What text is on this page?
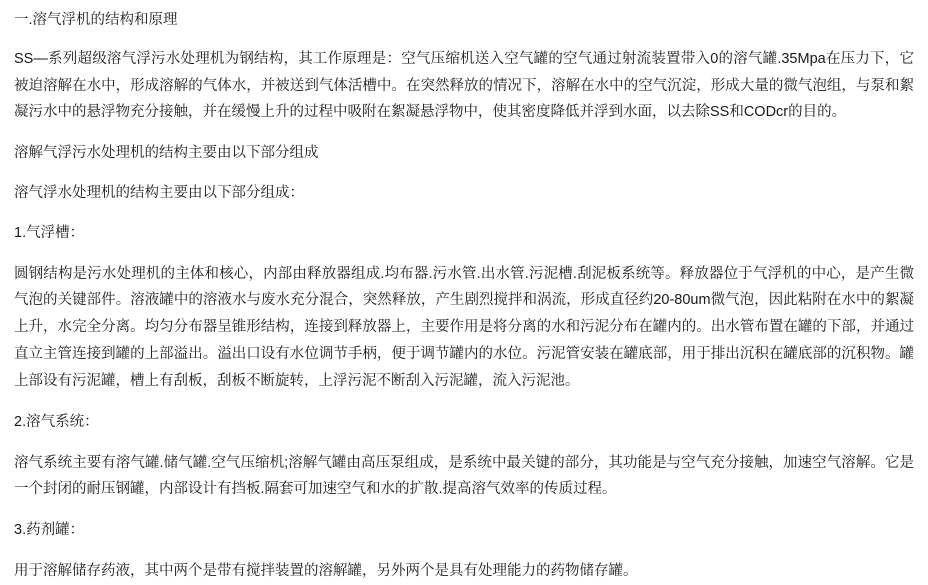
一.溶气浮机的结构和原理

SS—系列超级溶气浮污水处理机为钢结构，其工作原理是：空气压缩机送入空气罐的空气通过射流装置带入0的溶气罐.35Mpa在压力下，它被迫溶解在水中，形成溶解的气体水，并被送到气体活槽中。在突然释放的情况下，溶解在水中的空气沉淀，形成大量的微气泡组，与泵和絮凝污水中的悬浮物充分接触，并在缓慢上升的过程中吸附在絮凝悬浮物中，使其密度降低并浮到水面，以去除SS和CODcr的目的。

溶解气浮污水处理机的结构主要由以下部分组成

溶气浮水处理机的结构主要由以下部分组成：

1.气浮槽：

圆钢结构是污水处理机的主体和核心，内部由释放器组成.均布器.污水管.出水管.污泥槽.刮泥板系统等。释放器位于气浮机的中心，是产生微气泡的关键部件。溶液罐中的溶液水与废水充分混合，突然释放，产生剧烈搅拌和涡流，形成直径约20-80um微气泡，因此粘附在水中的絮凝上升，水完全分离。均匀分布器呈锥形结构，连接到释放器上，主要作用是将分离的水和污泥分布在罐内的。出水管布置在罐的下部，并通过直立主管连接到罐的上部溢出。溢出口设有水位调节手柄，便于调节罐内的水位。污泥管安装在罐底部，用于排出沉积在罐底部的沉积物。罐上部设有污泥罐，槽上有刮板，刮板不断旋转，上浮污泥不断刮入污泥罐，流入污泥池。

2.溶气系统：

溶气系统主要有溶气罐.储气罐.空气压缩机;溶解气罐由高压泵组成，是系统中最关键的部分，其功能是与空气充分接触，加速空气溶解。它是一个封闭的耐压钢罐，内部设计有挡板.隔套可加速空气和水的扩散.提高溶气效率的传质过程。

3.药剂罐：

用于溶解储存药液，其中两个是带有搅拌装置的溶解罐，另外两个是具有处理能力的药物储存罐。
